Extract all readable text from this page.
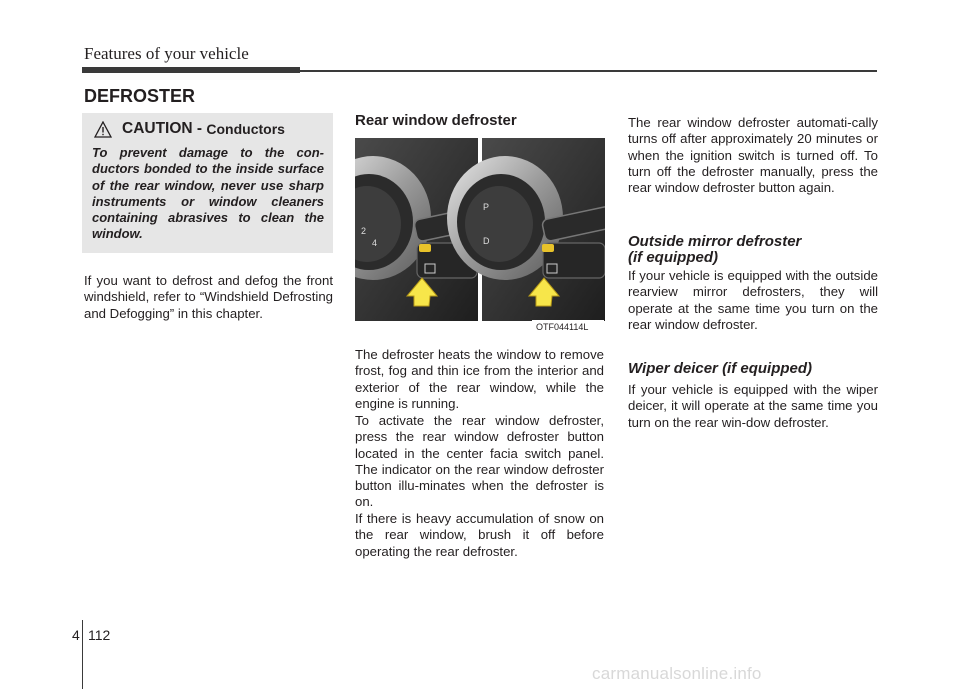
Features of your vehicle
DEFROSTER
CAUTION -
Conductors
To prevent damage to the con-ductors bonded to the inside surface of the rear window, never use sharp instruments or window cleaners containing abrasives to clean the window.
If you want to defrost and defog the front windshield, refer to “Windshield Defrosting and Defogging” in this chapter.
Rear window defroster
2
4
P
D
OTF044114L
The defroster heats the window to remove frost, fog and thin ice from the interior and exterior of the rear window, while the engine is running.
To activate the rear window defroster, press the rear window defroster button located in the center facia switch panel. The indicator on the rear window defroster button illu-minates when the defroster is on.
If there is heavy accumulation of snow on the rear window, brush it off before operating the rear defroster.
The rear window defroster automati-cally turns off after approximately 20 minutes or when the ignition switch is turned off. To turn off the defroster manually, press the rear window defroster button again.
Outside mirror defroster
(if equipped)
If your vehicle is equipped with the outside rearview mirror defrosters, they will operate at the same time you turn on the rear window defroster.
Wiper deicer (if equipped)
If your vehicle is equipped with the wiper deicer, it will operate at the same time you turn on the rear win-dow defroster.
4 112
carmanualsonline.info
